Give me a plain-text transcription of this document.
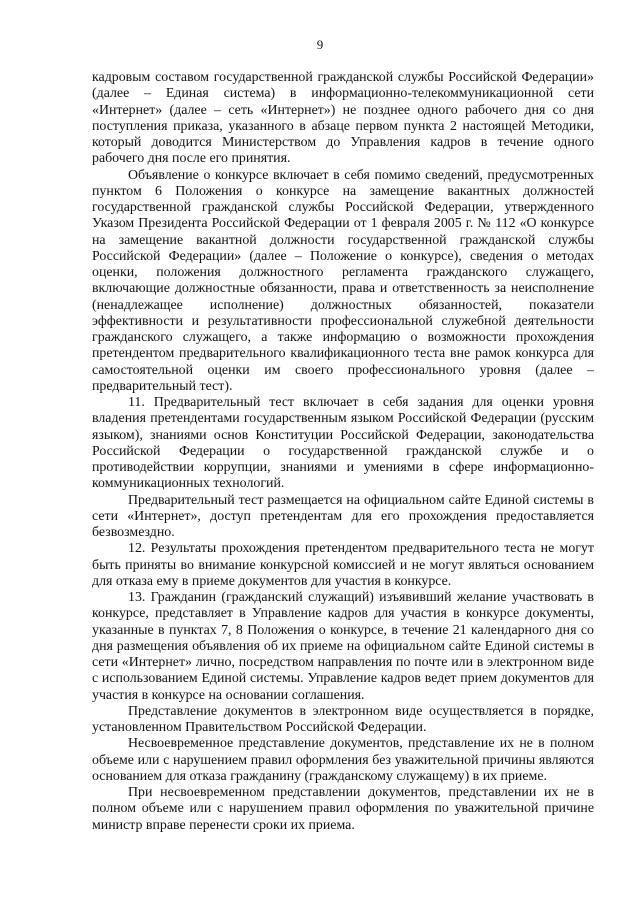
9

кадровым составом государственной гражданской службы Российской Федерации» (далее – Единая система) в информационно-телекоммуникационной сети «Интернет» (далее – сеть «Интернет») не позднее одного рабочего дня со дня поступления приказа, указанного в абзаце первом пункта 2 настоящей Методики, который доводится Министерством до Управления кадров в течение одного рабочего дня после его принятия.

Объявление о конкурсе включает в себя помимо сведений, предусмотренных пунктом 6 Положения о конкурсе на замещение вакантных должностей государственной гражданской службы Российской Федерации, утвержденного Указом Президента Российской Федерации от 1 февраля 2005 г. № 112 «О конкурсе на замещение вакантной должности государственной гражданской службы Российской Федерации» (далее – Положение о конкурсе), сведения о методах оценки, положения должностного регламента гражданского служащего, включающие должностные обязанности, права и ответственность за неисполнение (ненадлежащее исполнение) должностных обязанностей, показатели эффективности и результативности профессиональной служебной деятельности гражданского служащего, а также информацию о возможности прохождения претендентом предварительного квалификационного теста вне рамок конкурса для самостоятельной оценки им своего профессионального уровня (далее – предварительный тест).

11. Предварительный тест включает в себя задания для оценки уровня владения претендентами государственным языком Российской Федерации (русским языком), знаниями основ Конституции Российской Федерации, законодательства Российской Федерации о государственной гражданской службе и о противодействии коррупции, знаниями и умениями в сфере информационно-коммуникационных технологий.

Предварительный тест размещается на официальном сайте Единой системы в сети «Интернет», доступ претендентам для его прохождения предоставляется безвозмездно.

12. Результаты прохождения претендентом предварительного теста не могут быть приняты во внимание конкурсной комиссией и не могут являться основанием для отказа ему в приеме документов для участия в конкурсе.

13. Гражданин (гражданский служащий) изъявивший желание участвовать в конкурсе, представляет в Управление кадров для участия в конкурсе документы, указанные в пунктах 7, 8 Положения о конкурсе, в течение 21 календарного дня со дня размещения объявления об их приеме на официальном сайте Единой системы в сети «Интернет» лично, посредством направления по почте или в электронном виде с использованием Единой системы. Управление кадров ведет прием документов для участия в конкурсе на основании соглашения.

Представление документов в электронном виде осуществляется в порядке, установленном Правительством Российской Федерации.

Несвоевременное представление документов, представление их не в полном объеме или с нарушением правил оформления без уважительной причины являются основанием для отказа гражданину (гражданскому служащему) в их приеме.

При несвоевременном представлении документов, представлении их не в полном объеме или с нарушением правил оформления по уважительной причине министр вправе перенести сроки их приема.
